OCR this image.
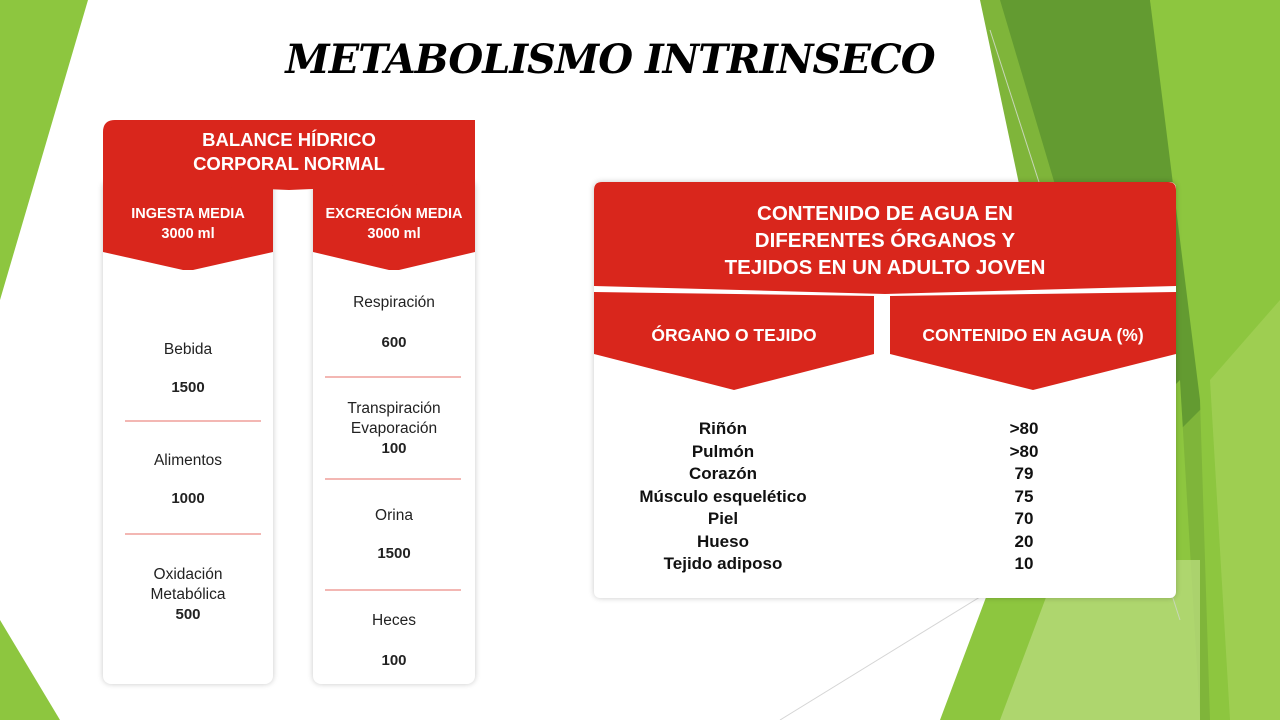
METABOLISMO INTRINSECO
BALANCE HÍDRICO
CORPORAL NORMAL
INGESTA MEDIA
3000 ml
Bebida
1500
Alimentos
1000
Oxidación
Metabólica
500
EXCRECIÓN MEDIA
3000 ml
Respiración
600
Transpiración
Evaporación
100
Orina
1500
Heces
100
CONTENIDO DE AGUA EN
DIFERENTES ÓRGANOS Y
TEJIDOS EN UN ADULTO JOVEN
ÓRGANO O TEJIDO	CONTENIDO EN AGUA (%)
Riñón	>80
Pulmón	>80
Corazón	79
Músculo esquelético	75
Piel	70
Hueso	20
Tejido adiposo	10
